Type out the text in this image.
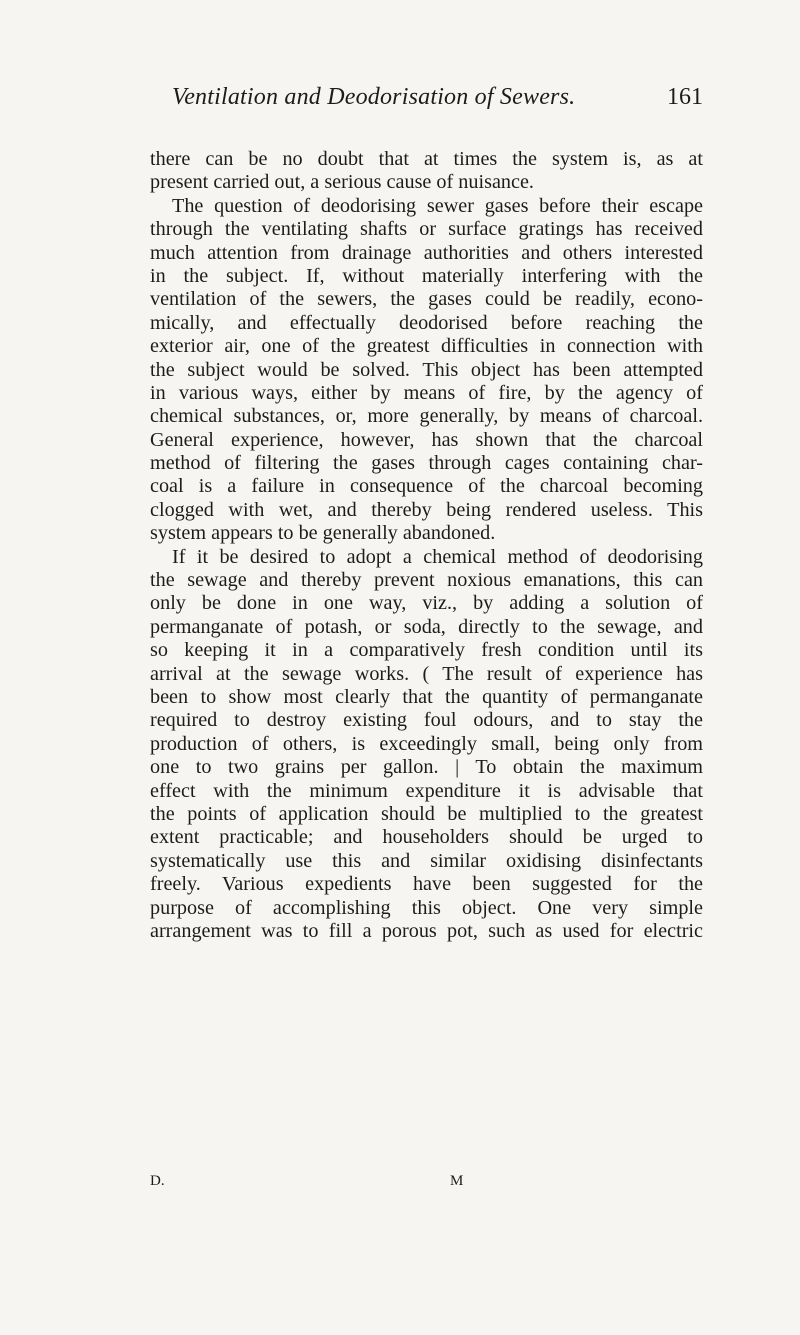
Ventilation and Deodorisation of Sewers.	161
there can be no doubt that at times the system is, as at
present carried out, a serious cause of nuisance.
The question of deodorising sewer gases before their escape
through the ventilating shafts or surface gratings has received
much attention from drainage authorities and others interested
in the subject. If, without materially interfering with the
ventilation of the sewers, the gases could be readily, econo-
mically, and effectually deodorised before reaching the
exterior air, one of the greatest difficulties in connection with
the subject would be solved. This object has been attempted
in various ways, either by means of fire, by the agency of
chemical substances, or, more generally, by means of charcoal.
General experience, however, has shown that the charcoal
method of filtering the gases through cages containing char-
coal is a failure in consequence of the charcoal becoming
clogged with wet, and thereby being rendered useless. This
system appears to be generally abandoned.
If it be desired to adopt a chemical method of deodorising
the sewage and thereby prevent noxious emanations, this can
only be done in one way, viz., by adding a solution of
permanganate of potash, or soda, directly to the sewage, and
so keeping it in a comparatively fresh condition until its
arrival at the sewage works. ( The result of experience has
been to show most clearly that the quantity of permanganate
required to destroy existing foul odours, and to stay the
production of others, is exceedingly small, being only from
one to two grains per gallon. | To obtain the maximum
effect with the minimum expenditure it is advisable that
the points of application should be multiplied to the greatest
extent practicable; and householders should be urged to
systematically use this and similar oxidising disinfectants
freely. Various expedients have been suggested for the
purpose of accomplishing this object. One very simple
arrangement was to fill a porous pot, such as used for electric
D.	M
